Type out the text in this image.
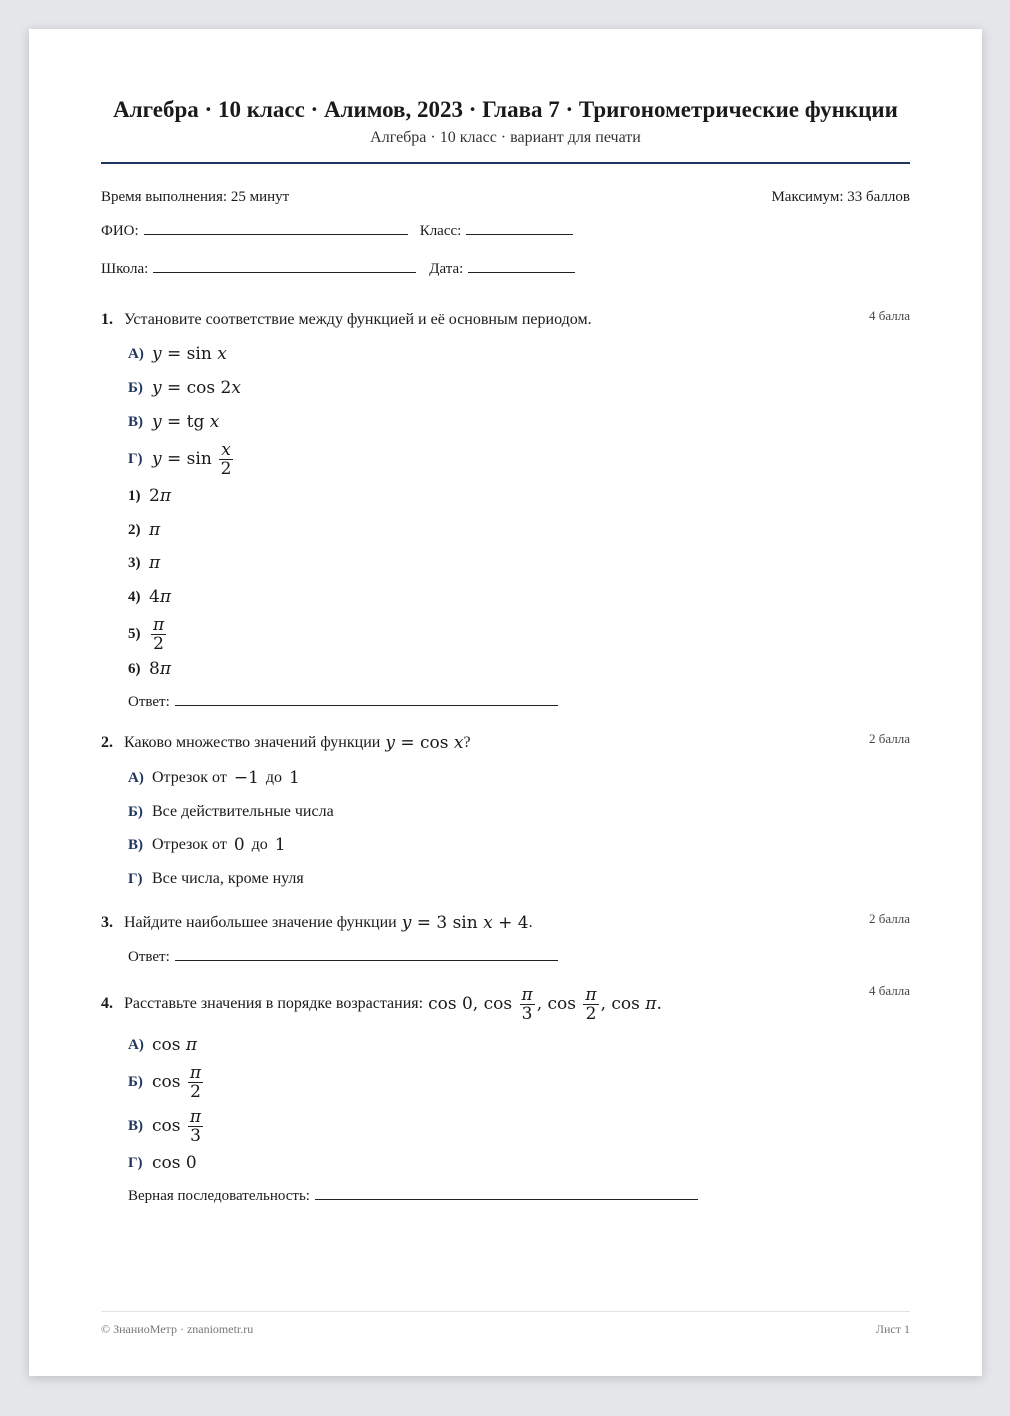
Алгебра · 10 класс · Алимов, 2023 · Глава 7 · Тригонометрические функции
Алгебра · 10 класс · вариант для печати
Время выполнения: 25 минут	Максимум: 33 баллов
ФИО:	Класс:
Школа:	Дата:
1. Установите соответствие между функцией и её основным периодом.	4 балла
А) y = sin x
Б) y = cos 2x
В) y = tg x
Г) $y = \sin \frac{x}{2}$
1) 2π
2) π
3) π
4) 4π
$5) \frac{\pi}{2}$
6) 8π
Ответ:
2. Каково множество значений функции y = cos x ?	2 балла
А) Отрезок от −1 до 1
Б) Все действительные числа
В) Отрезок от 0 до 1
Г) Все числа, кроме нуля
3. Найдите наибольшее значение функции y = 3 sin x + 4 .	2 балла
Ответ:
4. Расставьте значения в порядке возрастания: cos 0, $\cos \frac{\pi}{3}$ , $\cos \frac{\pi}{2}$ , cos π.
4 балла
А) cos π
Б) $\cos \frac{\pi}{2}$
В) $\cos \frac{\pi}{3}$
Г) cos 0
Верная последовательность:
© ЗнаниоМетр · znaniometr.ru	Лист 1
